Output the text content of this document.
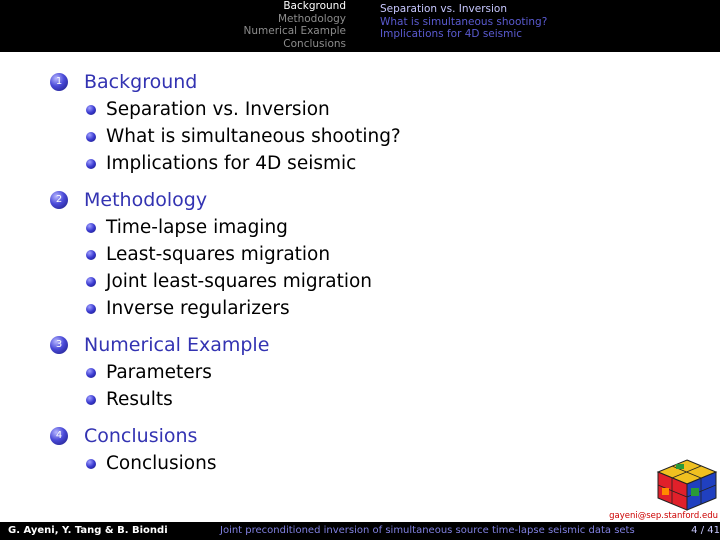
Background
Methodology
Numerical Example
Conclusions
Separation vs. Inversion
What is simultaneous shooting?
Implications for 4D seismic
1	Background
Separation vs. Inversion
What is simultaneous shooting?
Implications for 4D seismic
2	Methodology
Time-lapse imaging
Least-squares migration
Joint least-squares migration
Inverse regularizers
3	Numerical Example
Parameters
Results
4	Conclusions
Conclusions
gayeni@sep.stanford.edu
G. Ayeni, Y. Tang & B. Biondi	Joint preconditioned inversion of simultaneous source time-lapse seismic data sets	4 / 41
